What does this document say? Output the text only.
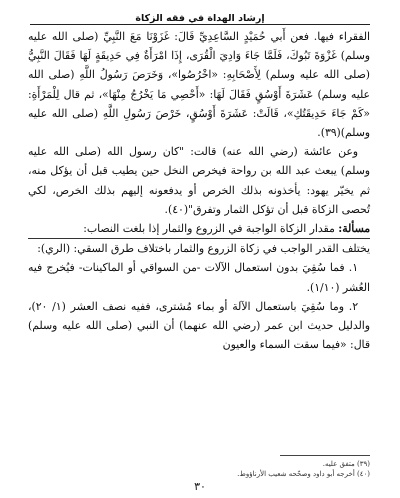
إرشاد الهداة في فقه الزكاة

الفقراء فيها. فعن أَبي حُمَيْدٍ السَّاعِدِيِّ قَالَ: غَزَوْنَا مَعَ النَّبِيِّ (صلى الله عليه وسلم) غَزْوَةَ تَبُوكَ، فَلَمَّا جَاءَ وَادِيَ الْقُرَى، إِذَا امْرَأَةٌ فِي حَدِيقَةٍ لَهَا فَقَالَ النَّبِيُّ (صلى الله عليه وسلم) لِأَصْحَابِهِ: «اخْرُصُوا»، وَخَرَصَ رَسُولُ اللَّهِ (صلى الله عليه وسلم) عَشَرَةَ أَوْسُقٍ فَقَالَ لَهَا: «أَحْصِي مَا يَخْرُجُ مِنْهَا»، ثم قال لِلْمَرْأَةِ: «كَمْ جَاءَ حَدِيقَتُكِ»، قَالَتْ: عَشَرَةَ أَوْسُقٍ، خَرْصَ رَسُولِ اللَّهِ (صلى الله عليه وسلم)(٣٩).

وعن عائشة (رضي الله عنه) قالت: "كان رسول الله (صلى الله عليه وسلم) يبعث عبد الله بن رواحة فيخرص النخل حين يطيب قبل أن يؤكل منه، ثم يخيّر يهود: يأخذونه بذلك الخرص أو يدفعونه إليهم بذلك الخرص، لكي تُحصى الزكاة قبل أن تؤكل الثمار وتفرق"(٤٠).

مسألة: مقدار الزكاة الواجبة في الزروع والثمار إذا بلغت النصاب:

يختلف القدر الواجب في زكاة الزروع والثمار باختلاف طرق السقي: (الري):

١. فما سُقِيَ بدون استعمال الآلات -من السواقي أو الماكينات- فيُخرج فيه العُشر (١/١٠).

٢. وما سُقِيَ باستعمال الآلة أو بماء مُشترى، ففيه نصف العشر (١/ ٢٠)، والدليل حديث ابن عمر (رضي الله عنهما) أن النبي (صلى الله عليه وسلم) قال: «فيما سقت السماء والعيون

(٣٩) متفق عليه.
(٤٠) أخرجه أبو داود وصحّحه شعيب الأرناؤوط.
٣٠
